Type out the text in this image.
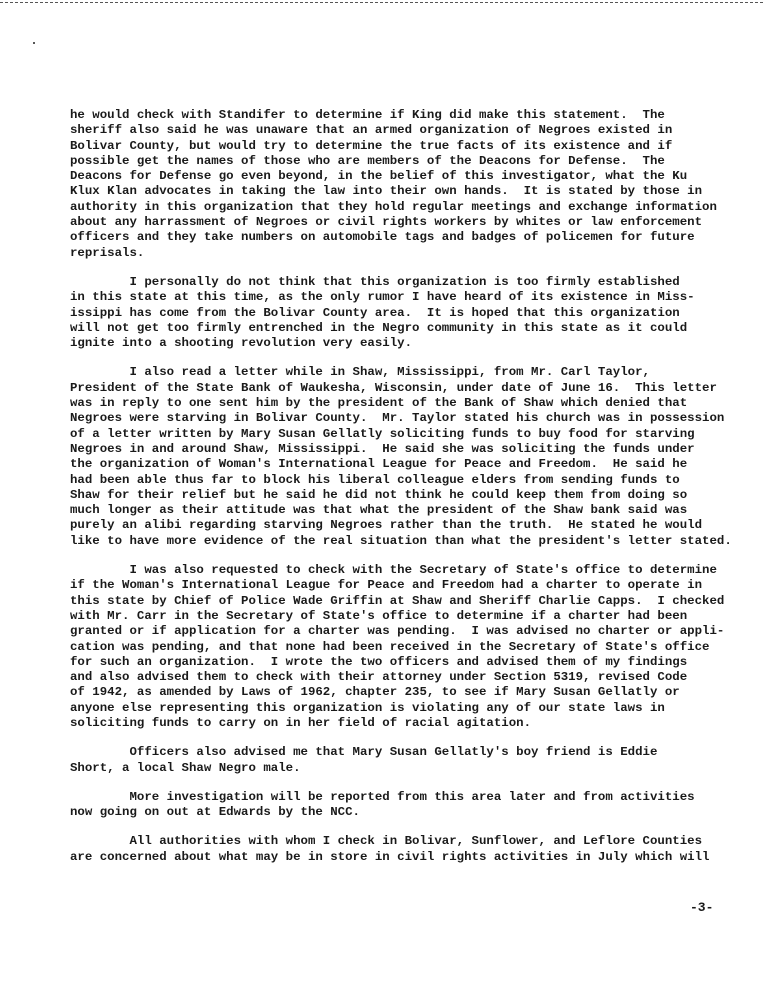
he would check with Standifer to determine if King did make this statement.  The
sheriff also said he was unaware that an armed organization of Negroes existed in
Bolivar County, but would try to determine the true facts of its existence and if
possible get the names of those who are members of the Deacons for Defense.  The
Deacons for Defense go even beyond, in the belief of this investigator, what the Ku
Klux Klan advocates in taking the law into their own hands.  It is stated by those in
authority in this organization that they hold regular meetings and exchange information
about any harrassment of Negroes or civil rights workers by whites or law enforcement
officers and they take numbers on automobile tags and badges of policemen for future
reprisals.
I personally do not think that this organization is too firmly established
in this state at this time, as the only rumor I have heard of its existence in Miss-
issippi has come from the Bolivar County area.  It is hoped that this organization
will not get too firmly entrenched in the Negro community in this state as it could
ignite into a shooting revolution very easily.
I also read a letter while in Shaw, Mississippi, from Mr. Carl Taylor,
President of the State Bank of Waukesha, Wisconsin, under date of June 16.  This letter
was in reply to one sent him by the president of the Bank of Shaw which denied that
Negroes were starving in Bolivar County.  Mr. Taylor stated his church was in possession
of a letter written by Mary Susan Gellatly soliciting funds to buy food for starving
Negroes in and around Shaw, Mississippi.  He said she was soliciting the funds under
the organization of Woman's International League for Peace and Freedom.  He said he
had been able thus far to block his liberal colleague elders from sending funds to
Shaw for their relief but he said he did not think he could keep them from doing so
much longer as their attitude was that what the president of the Shaw bank said was
purely an alibi regarding starving Negroes rather than the truth.  He stated he would
like to have more evidence of the real situation than what the president's letter stated.
I was also requested to check with the Secretary of State's office to determine
if the Woman's International League for Peace and Freedom had a charter to operate in
this state by Chief of Police Wade Griffin at Shaw and Sheriff Charlie Capps.  I checked
with Mr. Carr in the Secretary of State's office to determine if a charter had been
granted or if application for a charter was pending.  I was advised no charter or appli-
cation was pending, and that none had been received in the Secretary of State's office
for such an organization.  I wrote the two officers and advised them of my findings
and also advised them to check with their attorney under Section 5319, revised Code
of 1942, as amended by Laws of 1962, chapter 235, to see if Mary Susan Gellatly or
anyone else representing this organization is violating any of our state laws in
soliciting funds to carry on in her field of racial agitation.
Officers also advised me that Mary Susan Gellatly's boy friend is Eddie
Short, a local Shaw Negro male.
More investigation will be reported from this area later and from activities
now going on out at Edwards by the NCC.
All authorities with whom I check in Bolivar, Sunflower, and Leflore Counties
are concerned about what may be in store in civil rights activities in July which will
-3-
